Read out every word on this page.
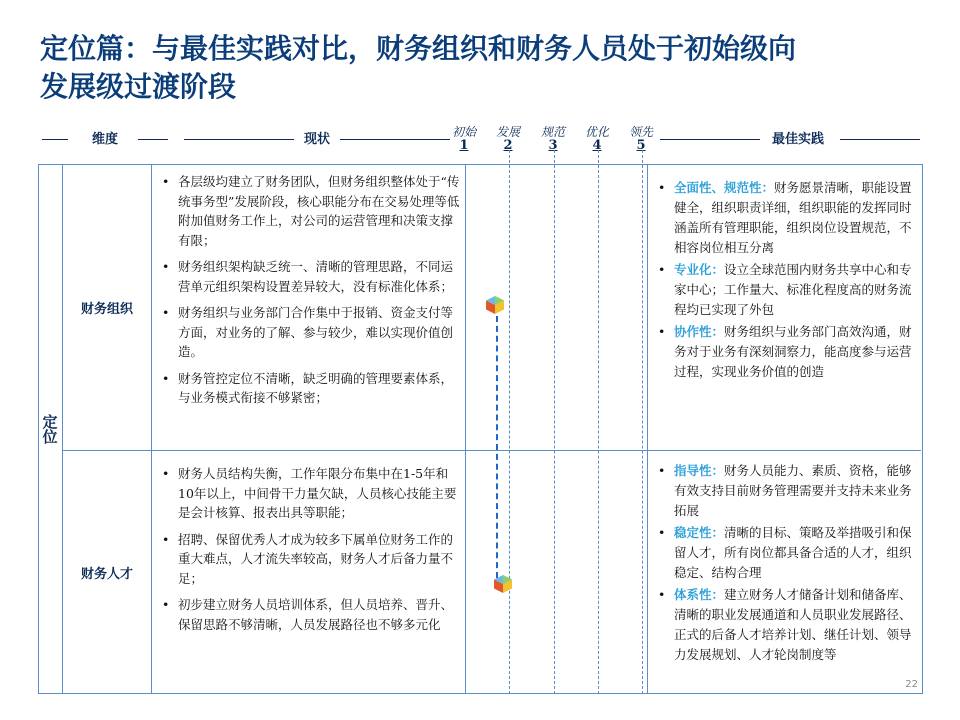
定位篇：与最佳实践对比，财务组织和财务人员处于初始级向
发展级过渡阶段
维度	现状	最佳实践
初始
1
发展
2
规范
3
优化
4
领先
5
定位
财务组织
• 各层级均建立了财务团队，但财务组织整体处于“传统事务型”发展阶段，核心职能分布在交易处理等低附加值财务工作上，对公司的运营管理和决策支撑有限；
• 财务组织架构缺乏统一、清晰的管理思路，不同运营单元组织架构设置差异较大，没有标准化体系；
• 财务组织与业务部门合作集中于报销、资金支付等方面，对业务的了解、参与较少，难以实现价值创造。
• 财务管控定位不清晰，缺乏明确的管理要素体系，与业务模式衔接不够紧密；
• 全面性、规范性：财务愿景清晰，职能设置健全，组织职责详细，组织职能的发挥同时涵盖所有管理职能，组织岗位设置规范，不相容岗位相互分离
• 专业化：设立全球范围内财务共享中心和专家中心；工作量大、标准化程度高的财务流程均已实现了外包
• 协作性：财务组织与业务部门高效沟通，财务对于业务有深刻洞察力，能高度参与运营过程，实现业务价值的创造
财务人才
• 财务人员结构失衡，工作年限分布集中在1-5年和10年以上，中间骨干力量欠缺，人员核心技能主要是会计核算、报表出具等职能；
• 招聘、保留优秀人才成为较多下属单位财务工作的重大难点，人才流失率较高，财务人才后备力量不足；
• 初步建立财务人员培训体系，但人员培养、晋升、保留思路不够清晰，人员发展路径也不够多元化
• 指导性：财务人员能力、素质、资格，能够有效支持目前财务管理需要并支持未来业务拓展
• 稳定性：清晰的目标、策略及举措吸引和保留人才，所有岗位都具备合适的人才，组织稳定、结构合理
• 体系性：建立财务人才储备计划和储备库、清晰的职业发展通道和人员职业发展路径、正式的后备人才培养计划、继任计划、领导力发展规划、人才轮岗制度等
22
